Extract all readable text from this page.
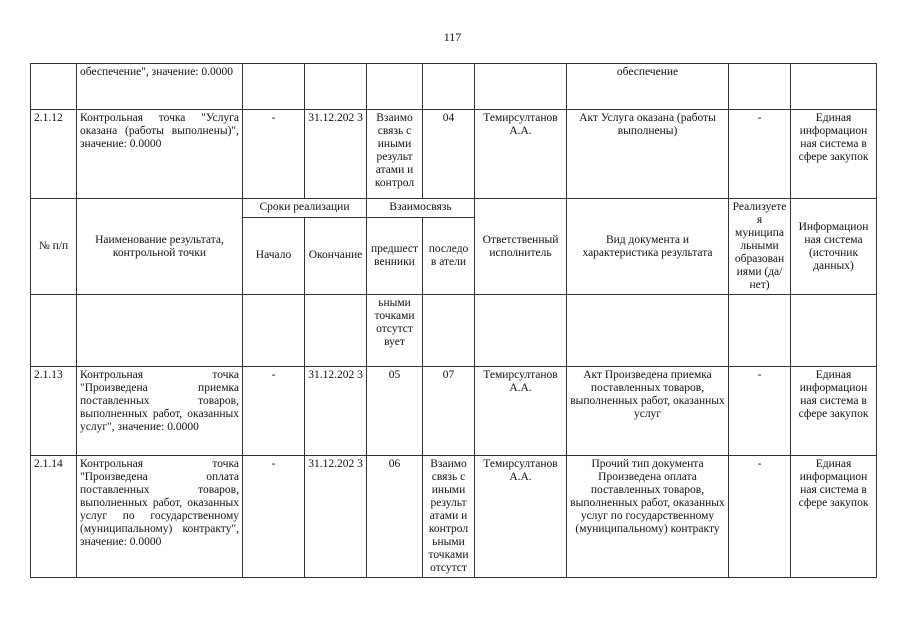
117
	обеспечение", значение: 0.0000						обеспечение		
2.1.12	Контрольная точка "Услуга оказана (работы выполнены)", значение: 0.0000	-	31.12.202 3	Взаимо связь с иными результ атами и контрол	04	Темирсултанов А.А.	Акт Услуга оказана (работы выполнены)	-	Единая информацион ная система в сфере закупок
№ п/п	Наименование результата, контрольной точки	Сроки реализации		Взаимосвязь		Ответственный исполнитель	Вид документа и характеристика результата	Реализуете я муниципа льными образован иями (да/нет)	Информацион ная система (источник данных)
		Начало	Окончание	предшест венники	последов атели				
				ьными точками отсутст вует					
2.1.13	Контрольная точка "Произведена приемка поставленных товаров, выполненных работ, оказанных услуг", значение: 0.0000	-	31.12.202 3	05	07	Темирсултанов А.А.	Акт Произведена приемка поставленных товаров, выполненных работ, оказанных услуг	-	Единая информацион ная система в сфере закупок
2.1.14	Контрольная точка "Произведена оплата поставленных товаров, выполненных работ, оказанных услуг по государственному (муниципальному) контракту", значение: 0.0000	-	31.12.202 3	06	Взаимо связь с иными результ атами и контрол ьными точками отсутст	Темирсултанов А.А.	Прочий тип документа Произведена оплата поставленных товаров, выполненных работ, оказанных услуг по государственному (муниципальному) контракту	-	Единая информацион ная система в сфере закупок
